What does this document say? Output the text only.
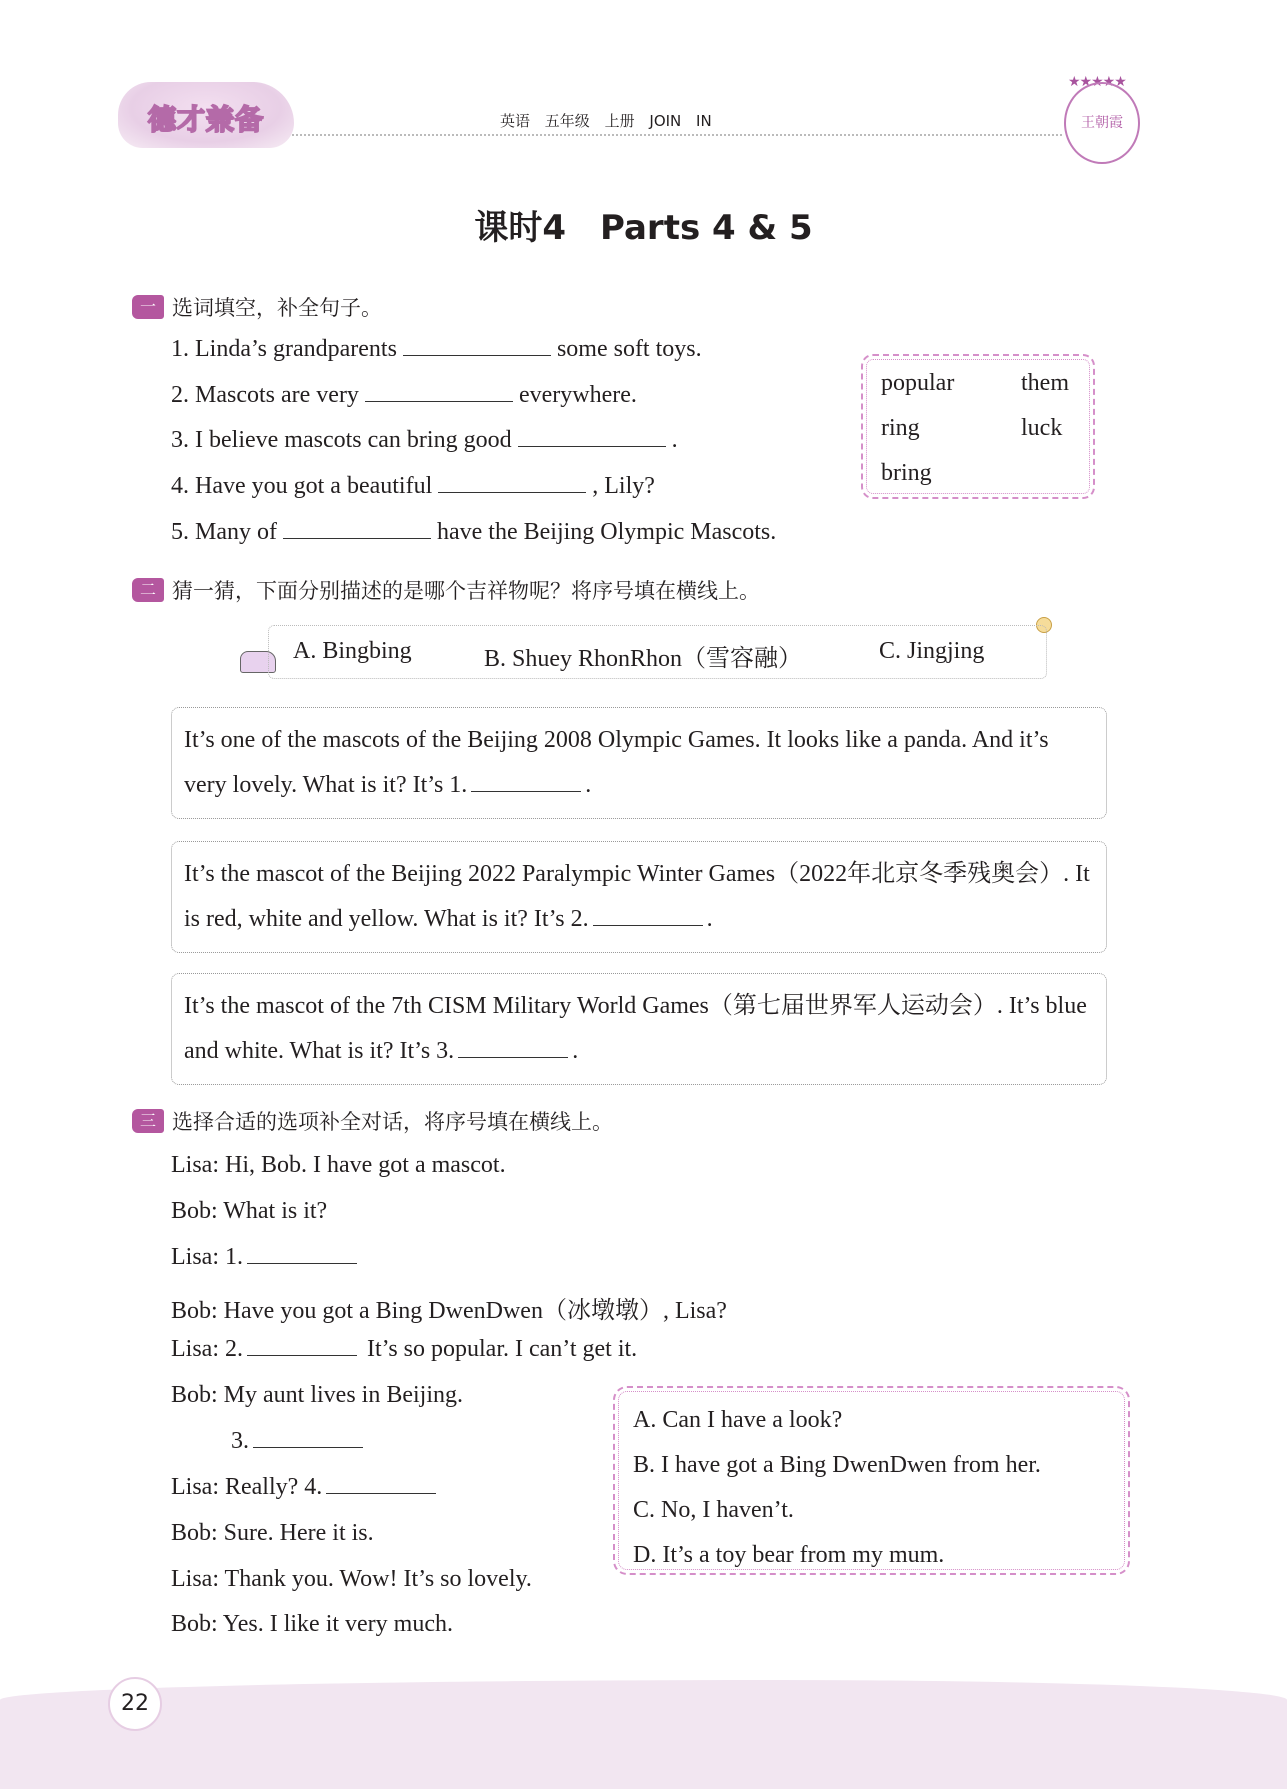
德才兼备	英语 五年级 上册 JOIN IN
★★★★★
王朝霞
课时4　Parts 4 & 5
一 选词填空，补全句子。
1. Linda’s grandparents	some soft toys.
2. Mascots are very	everywhere.
3. I believe mascots can bring good	.
4. Have you got a beautiful	, Lily?
5. Many of	have the Beijing Olympic Mascots.
popular	them
ring	luck
bring
二 猜一猜，下面分别描述的是哪个吉祥物呢？将序号填在横线上。
A. Bingbing	B. Shuey RhonRhon（雪容融）	C. Jingjing
It’s one of the mascots of the Beijing 2008 Olympic Games. It looks like a panda. And it’s very lovely. What is it? It’s 1.	.
It’s the mascot of the Beijing 2022 Paralympic Winter Games（2022年北京冬季残奥会）. It is red, white and yellow. What is it? It’s 2.	.
It’s the mascot of the 7th CISM Military World Games（第七届世界军人运动会）. It’s blue and white. What is it? It’s 3.	.
三 选择合适的选项补全对话，将序号填在横线上。
Lisa: Hi, Bob. I have got a mascot.
Bob: What is it?
Lisa: 1.
Bob: Have you got a Bing DwenDwen（冰墩墩）, Lisa?
Lisa: 2.	It’s so popular. I can’t get it.
Bob: My aunt lives in Beijing.
3.
Lisa: Really? 4.
Bob: Sure. Here it is.
Lisa: Thank you. Wow! It’s so lovely.
Bob: Yes. I like it very much.
A. Can I have a look?
B. I have got a Bing DwenDwen from her.
C. No, I haven’t.
D. It’s a toy bear from my mum.
22
